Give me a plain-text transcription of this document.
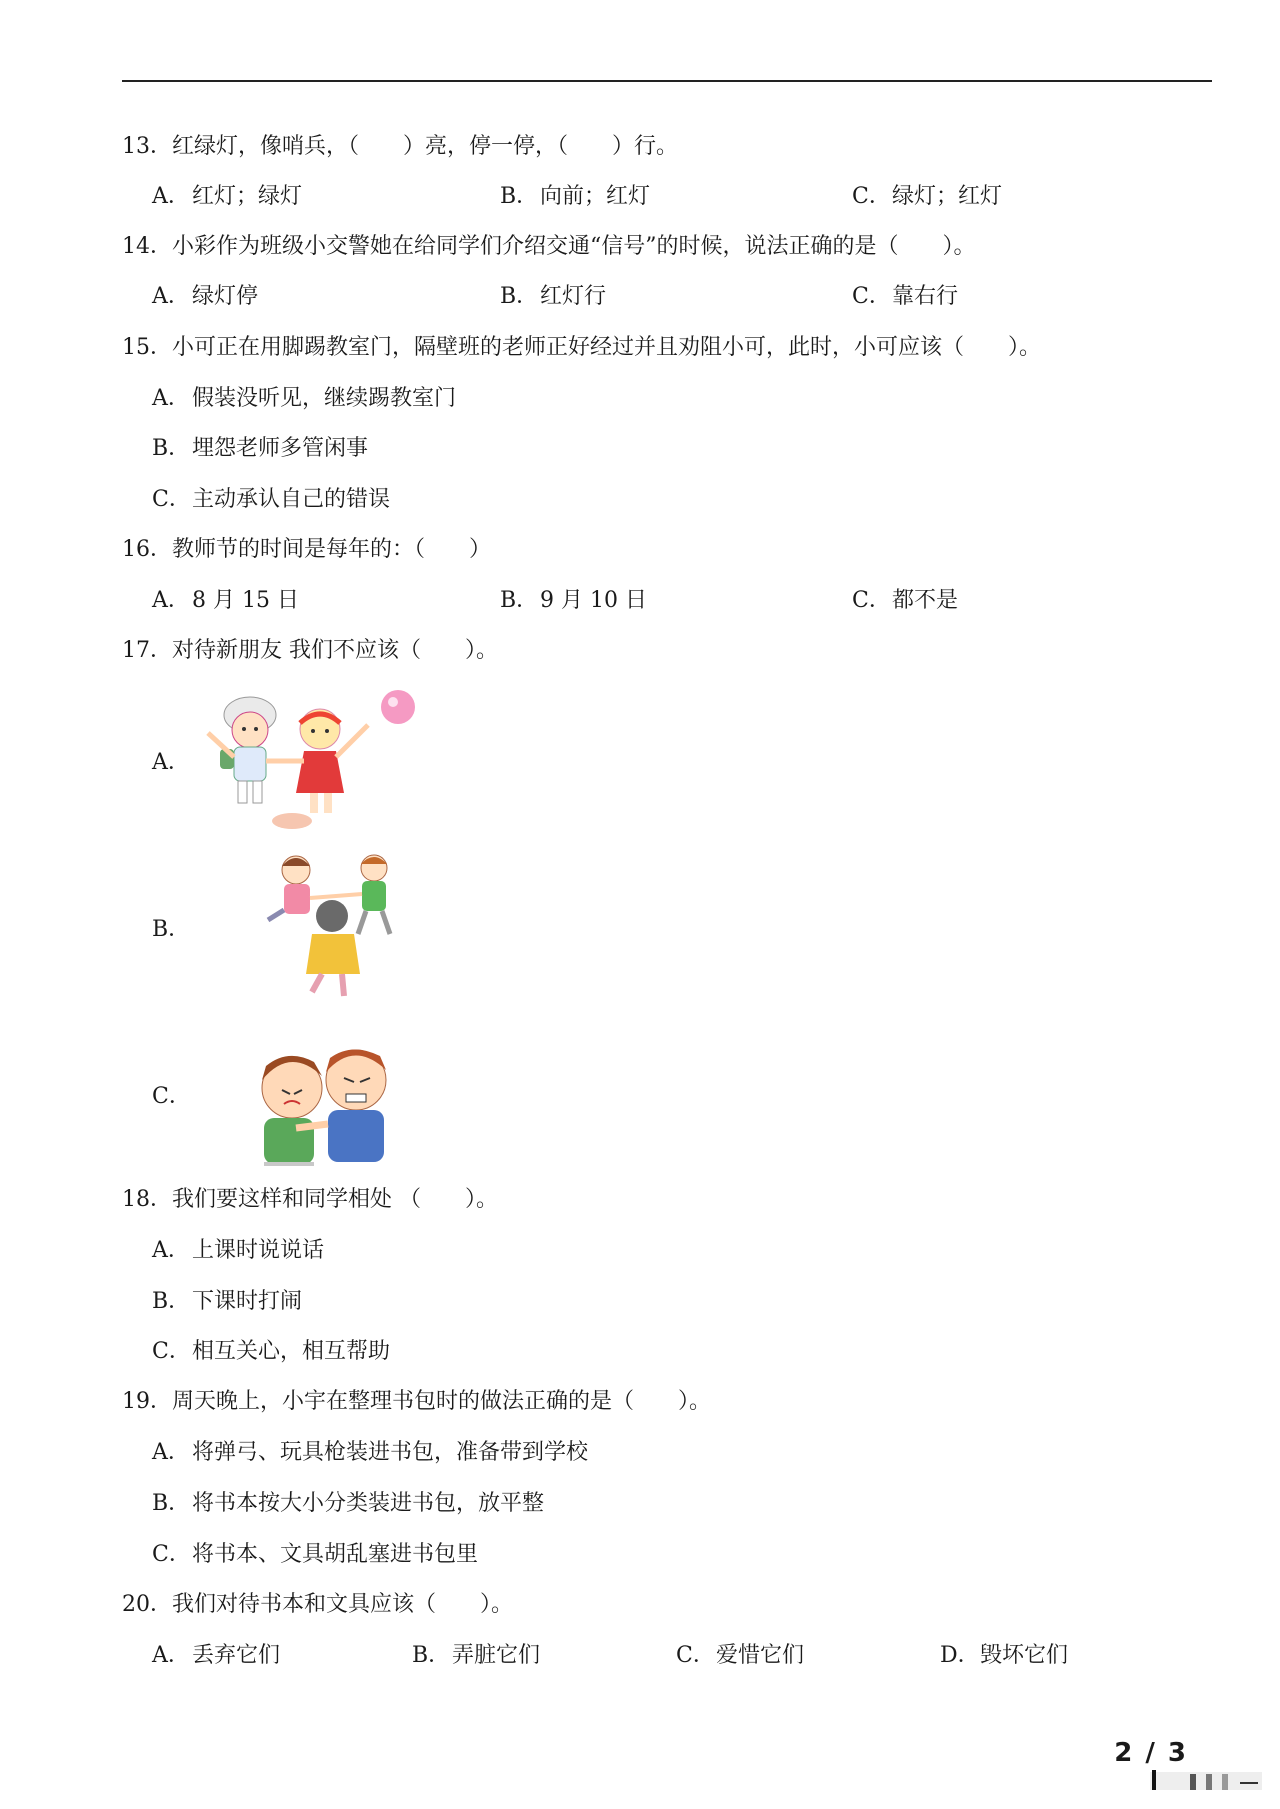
13．红绿灯，像哨兵，（　　）亮，停一停，（　　）行。
A．红灯；绿灯	B．向前；红灯	C．绿灯；红灯
14．小彩作为班级小交警她在给同学们介绍交通“信号”的时候，说法正确的是（　　）。
A．绿灯停	B．红灯行	C．靠右行
15．小可正在用脚踢教室门，隔壁班的老师正好经过并且劝阻小可，此时，小可应该（　　）。
A．假装没听见，继续踢教室门
B．埋怨老师多管闲事
C．主动承认自己的错误
16．教师节的时间是每年的：（　　）
A．8 月 15 日	B．9 月 10 日	C．都不是
17．对待新朋友 我们不应该（　　）。
A．
B．
C．
18．我们要这样和同学相处 （　　）。
A．上课时说说话
B．下课时打闹
C．相互关心，相互帮助
19．周天晚上，小宇在整理书包时的做法正确的是（　　）。
A．将弹弓、玩具枪装进书包，准备带到学校
B．将书本按大小分类装进书包，放平整
C．将书本、文具胡乱塞进书包里
20．我们对待书本和文具应该（　　）。
A．丢弃它们	B．弄脏它们	C．爱惜它们	D．毁坏它们
2 / 3
